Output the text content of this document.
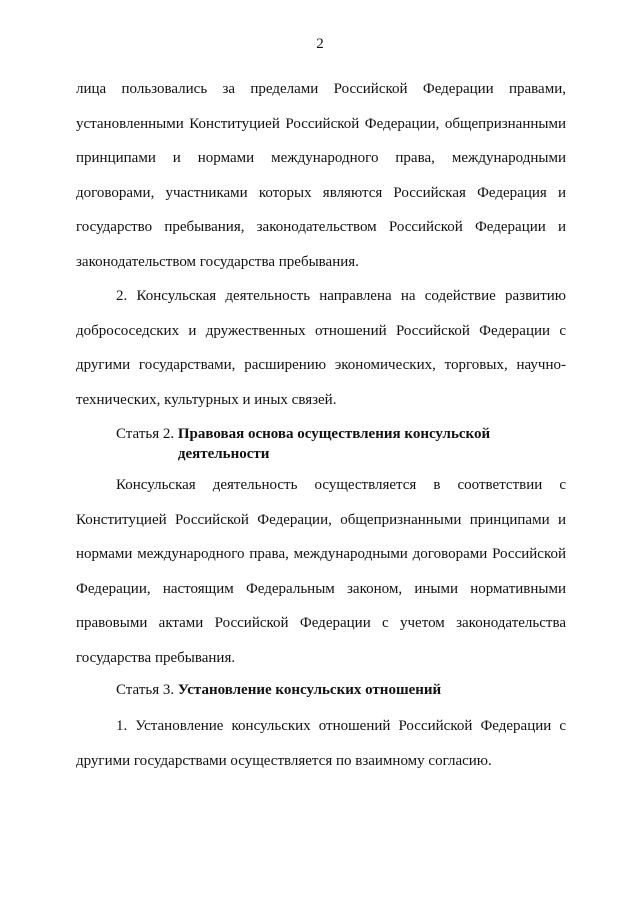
2

лица пользовались за пределами Российской Федерации правами, установленными Конституцией Российской Федерации, общепризнанными принципами и нормами международного права, международными договорами, участниками которых являются Российская Федерация и государство пребывания, законодательством Российской Федерации и законодательством государства пребывания.

2. Консульская деятельность направлена на содействие развитию добрососедских и дружественных отношений Российской Федерации с другими государствами, расширению экономических, торговых, научно-технических, культурных и иных связей.

Статья 2. Правовая основа осуществления консульской
деятельности

Консульская деятельность осуществляется в соответствии с Конституцией Российской Федерации, общепризнанными принципами и нормами международного права, международными договорами Российской Федерации, настоящим Федеральным законом, иными нормативными правовыми актами Российской Федерации с учетом законодательства государства пребывания.

Статья 3. Установление консульских отношений

1. Установление консульских отношений Российской Федерации с другими государствами осуществляется по взаимному согласию.
